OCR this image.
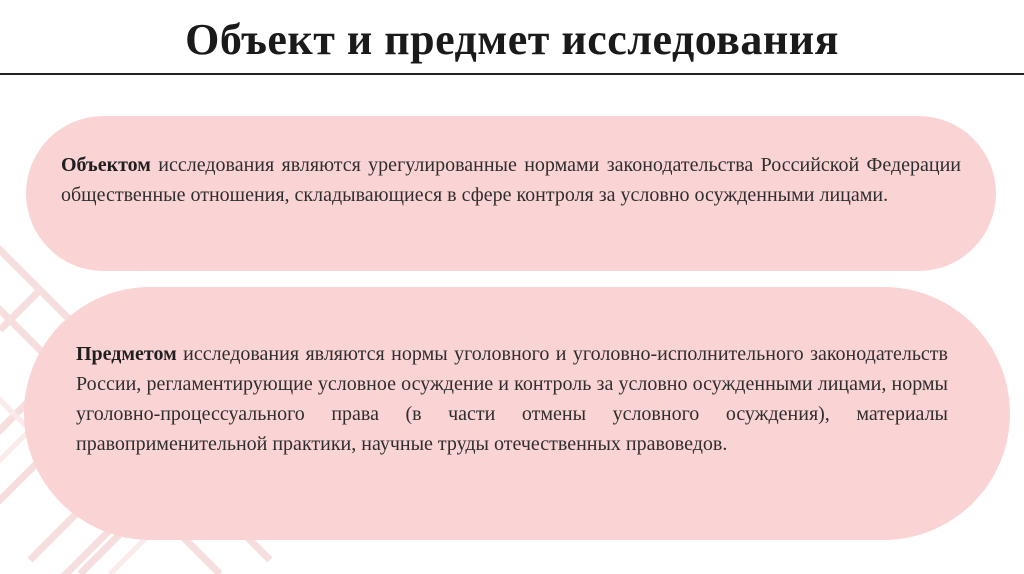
Объект и предмет исследования

Объектом исследования являются урегулированные нормами законодательства Российской Федерации общественные отношения, складывающиеся в сфере контроля за условно осужденными лицами.

Предметом исследования являются нормы уголовного и уголовно-исполнительного законодательств России, регламентирующие условное осуждение и контроль за условно осужденными лицами, нормы уголовно-процессуального права (в части отмены условного осуждения), материалы правоприменительной практики, научные труды отечественных правоведов.
